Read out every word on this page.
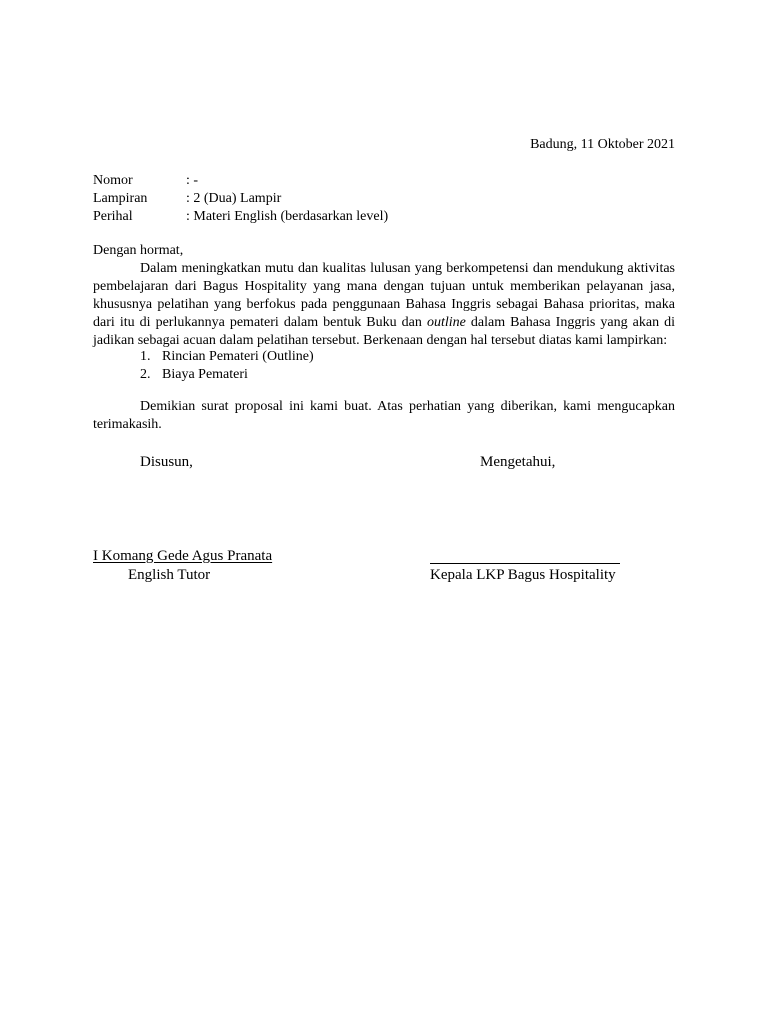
Badung, 11 Oktober 2021
Nomor	: -
Lampiran	: 2 (Dua) Lampir
Perihal	: Materi English (berdasarkan level)
Dengan hormat,

Dalam meningkatkan mutu dan kualitas lulusan yang berkompetensi dan mendukung aktivitas pembelajaran dari Bagus Hospitality yang mana dengan tujuan untuk memberikan pelayanan jasa, khususnya pelatihan yang berfokus pada penggunaan Bahasa Inggris sebagai Bahasa prioritas, maka dari itu di perlukannya pemateri dalam bentuk Buku dan outline dalam Bahasa Inggris yang akan di jadikan sebagai acuan dalam pelatihan tersebut. Berkenaan dengan hal tersebut diatas kami lampirkan:

1. Rincian Pemateri (Outline)
2. Biaya Pemateri
Demikian surat proposal ini kami buat. Atas perhatian yang diberikan, kami mengucapkan terimakasih.
Disusun,	Mengetahui,
I Komang Gede Agus Pranata
English Tutor	Kepala LKP Bagus Hospitality
